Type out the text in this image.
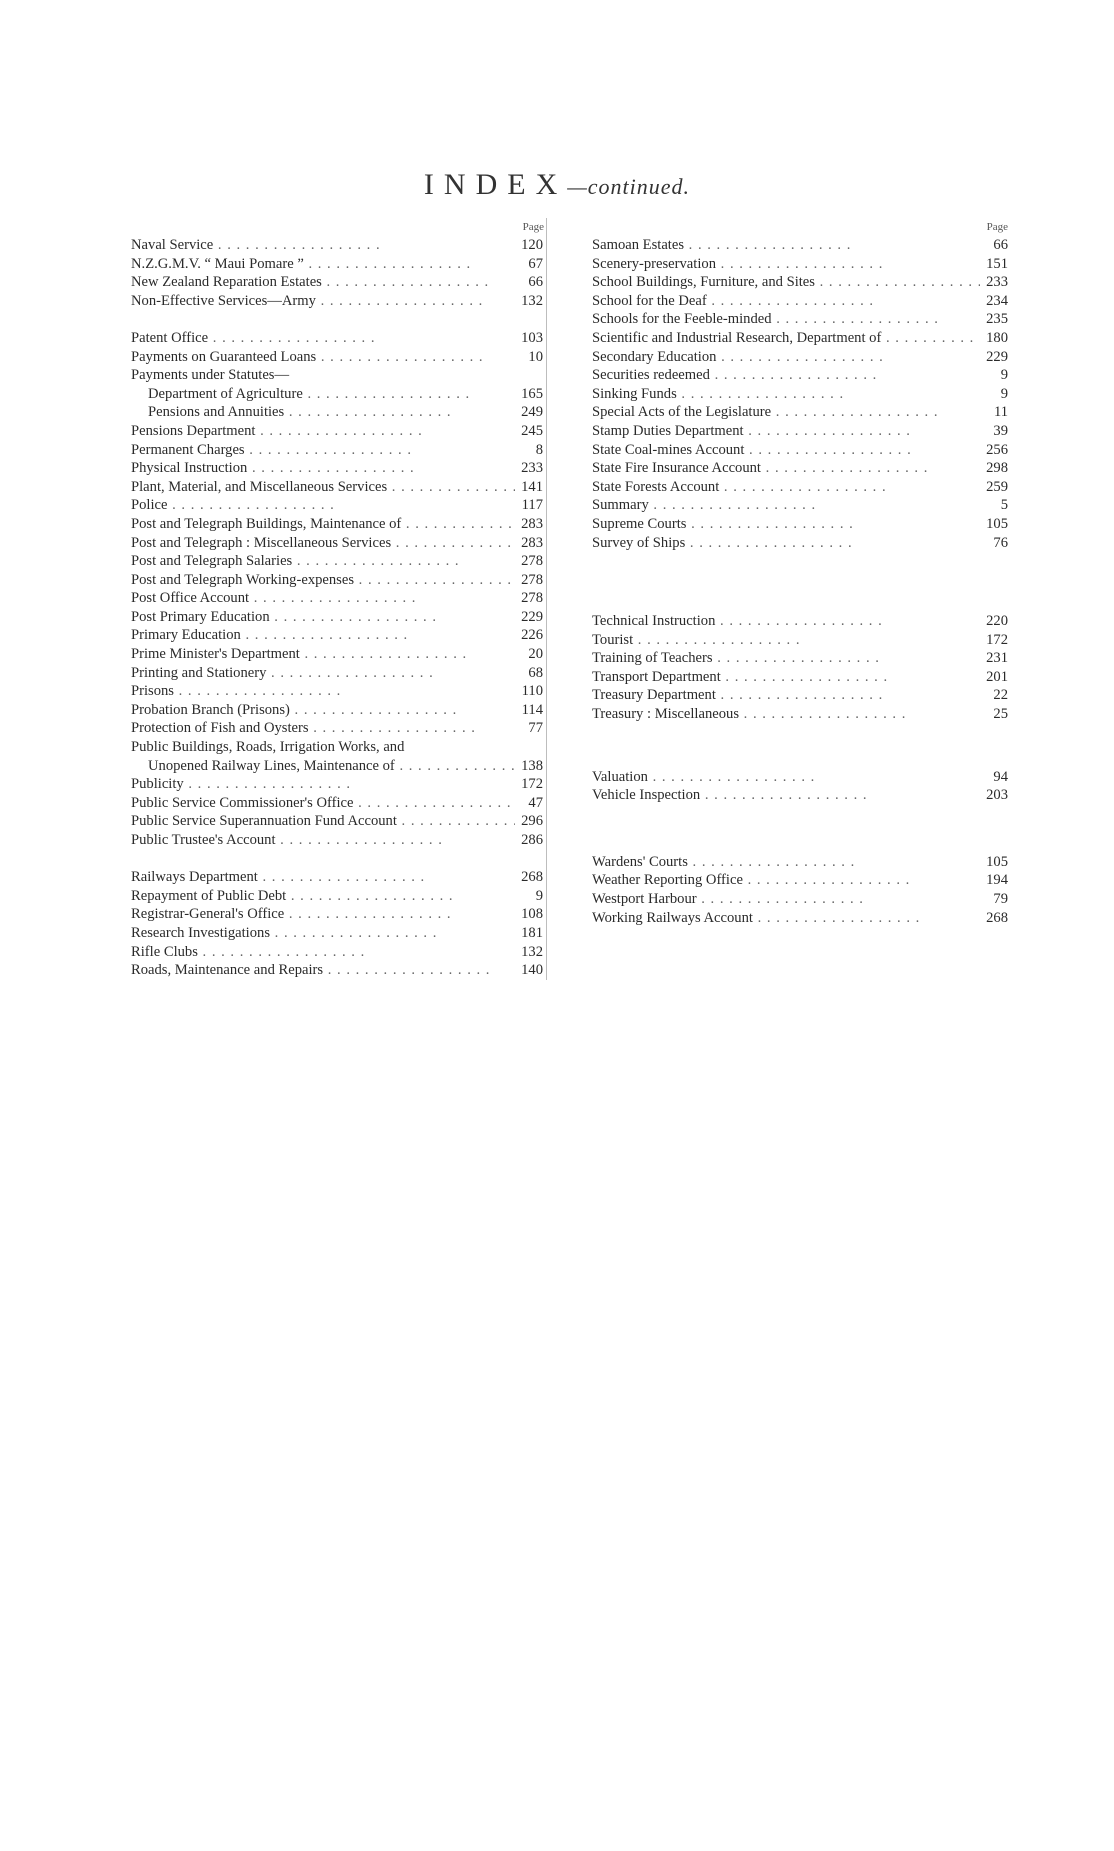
INDEX—continued.
Page
Naval Service . .	120
N.Z.G.M.V. “ Maui Pomare ” . .	67
New Zealand Reparation Estates . .	66
Non-Effective Services—Army . .	132
Patent Office . .	103
Payments on Guaranteed Loans . .	10
Payments under Statutes—
Department of Agriculture . .	165
Pensions and Annuities . .	249
Pensions Department . .	245
Permanent Charges . .	8
Physical Instruction . .	233
Plant, Material, and Miscellaneous Services . .	141
Police . .	117
Post and Telegraph Buildings, Maintenance of . .	283
Post and Telegraph : Miscellaneous Services . .	283
Post and Telegraph Salaries . .	278
Post and Telegraph Working-expenses . .	278
Post Office Account . .	278
Post Primary Education . .	229
Primary Education . .	226
Prime Minister's Department . .	20
Printing and Stationery . .	68
Prisons . .	110
Probation Branch (Prisons) . .	114
Protection of Fish and Oysters . .	77
Public Buildings, Roads, Irrigation Works, and
Unopened Railway Lines, Maintenance of . .	138
Publicity . .	172
Public Service Commissioner's Office . .	47
Public Service Superannuation Fund Account . .	296
Public Trustee's Account . .	286
Railways Department . .	268
Repayment of Public Debt . .	9
Registrar-General's Office . .	108
Research Investigations . .	181
Rifle Clubs . .	132
Roads, Maintenance and Repairs . .	140
Page
Samoan Estates . .	66
Scenery-preservation . .	151
School Buildings, Furniture, and Sites . .	233
School for the Deaf . .	234
Schools for the Feeble-minded . .	235
Scientific and Industrial Research, Department of . .	180
Secondary Education . .	229
Securities redeemed . .	9
Sinking Funds . .	9
Special Acts of the Legislature . .	11
Stamp Duties Department . .	39
State Coal-mines Account . .	256
State Fire Insurance Account . .	298
State Forests Account . .	259
Summary . .	5
Supreme Courts . .	105
Survey of Ships . .	76
Technical Instruction . .	220
Tourist . .	172
Training of Teachers . .	231
Transport Department . .	201
Treasury Department . .	22
Treasury : Miscellaneous . .	25
Valuation . .	94
Vehicle Inspection . .	203
Wardens' Courts . .	105
Weather Reporting Office . .	194
Westport Harbour . .	79
Working Railways Account . .	268
